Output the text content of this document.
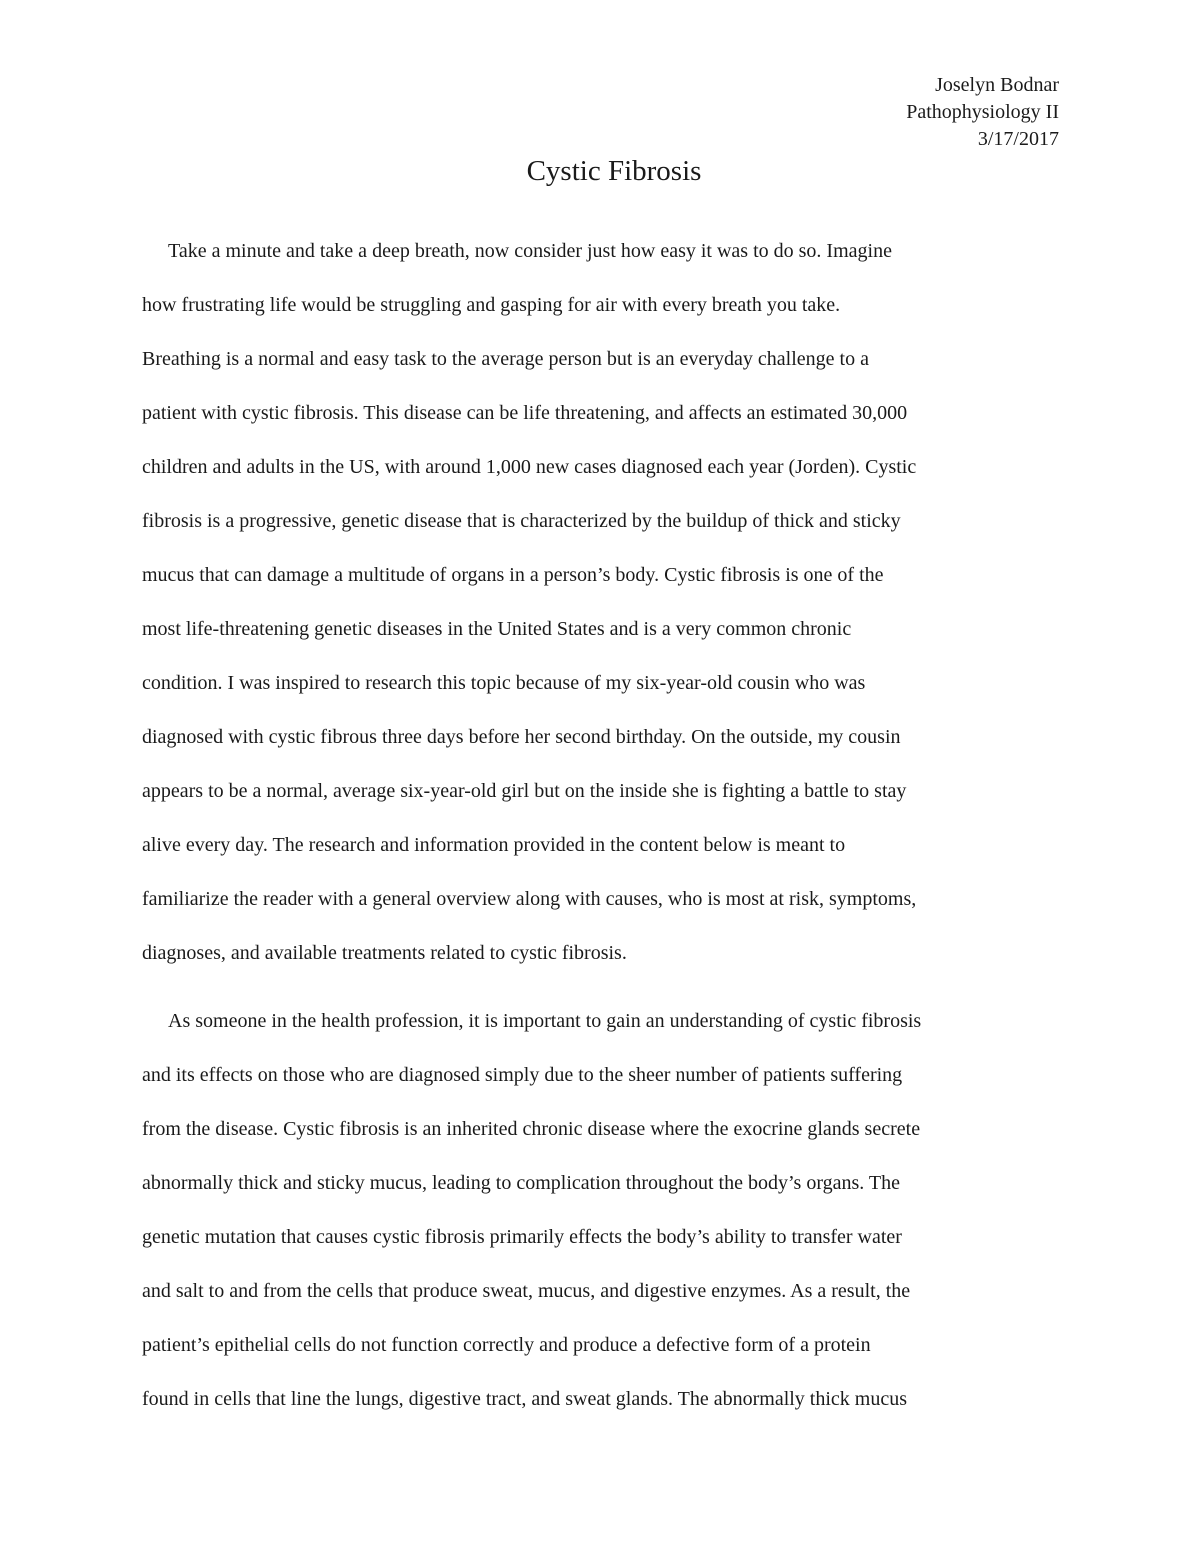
Joselyn Bodnar
Pathophysiology II
3/17/2017
Cystic Fibrosis
Take a minute and take a deep breath, now consider just how easy it was to do so. Imagine
how frustrating life would be struggling and gasping for air with every breath you take.
Breathing is a normal and easy task to the average person but is an everyday challenge to a
patient with cystic fibrosis. This disease can be life threatening, and affects an estimated 30,000
children and adults in the US, with around 1,000 new cases diagnosed each year (Jorden). Cystic
fibrosis is a progressive, genetic disease that is characterized by the buildup of thick and sticky
mucus that can damage a multitude of organs in a person’s body. Cystic fibrosis is one of the
most life-threatening genetic diseases in the United States and is a very common chronic
condition. I was inspired to research this topic because of my six-year-old cousin who was
diagnosed with cystic fibrous three days before her second birthday. On the outside, my cousin
appears to be a normal, average six-year-old girl but on the inside she is fighting a battle to stay
alive every day. The research and information provided in the content below is meant to
familiarize the reader with a general overview along with causes, who is most at risk, symptoms,
diagnoses, and available treatments related to cystic fibrosis.
As someone in the health profession, it is important to gain an understanding of cystic fibrosis
and its effects on those who are diagnosed simply due to the sheer number of patients suffering
from the disease. Cystic fibrosis is an inherited chronic disease where the exocrine glands secrete
abnormally thick and sticky mucus, leading to complication throughout the body’s organs. The
genetic mutation that causes cystic fibrosis primarily effects the body’s ability to transfer water
and salt to and from the cells that produce sweat, mucus, and digestive enzymes. As a result, the
patient’s epithelial cells do not function correctly and produce a defective form of a protein
found in cells that line the lungs, digestive tract, and sweat glands. The abnormally thick mucus
